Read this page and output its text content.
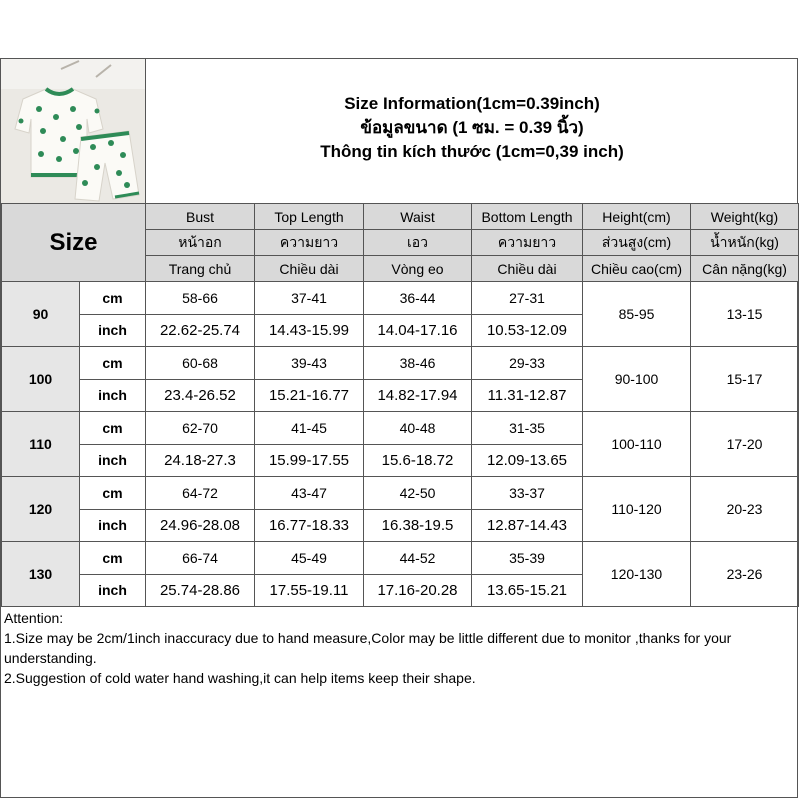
Size Information(1cm=0.39inch)
ข้อมูลขนาด (1 ซม. = 0.39 นิ้ว)
Thông tin kích thước (1cm=0,39 inch)
Size		Bust	Top Length	Waist	Bottom Length	Height(cm)	Weight(kg)
		หน้าอก	ความยาว	เอว	ความยาว	ส่วนสูง(cm)	น้ำหนัก(kg)
		Trang chủ	Chiều dài	Vòng eo	Chiều dài	Chiều cao(cm)	Cân nặng(kg)
90	cm	58-66	37-41	36-44	27-31	85-95	13-15
	inch	22.62-25.74	14.43-15.99	14.04-17.16	10.53-12.09		
100	cm	60-68	39-43	38-46	29-33	90-100	15-17
	inch	23.4-26.52	15.21-16.77	14.82-17.94	11.31-12.87		
110	cm	62-70	41-45	40-48	31-35	100-110	17-20
	inch	24.18-27.3	15.99-17.55	15.6-18.72	12.09-13.65		
120	cm	64-72	43-47	42-50	33-37	110-120	20-23
	inch	24.96-28.08	16.77-18.33	16.38-19.5	12.87-14.43		
130	cm	66-74	45-49	44-52	35-39	120-130	23-26
	inch	25.74-28.86	17.55-19.11	17.16-20.28	13.65-15.21		
Attention:
1.Size may be 2cm/1inch inaccuracy due to hand measure,Color may be little different due to monitor ,thanks for your understanding.
2.Suggestion of cold water hand washing,it can help items keep their shape.
